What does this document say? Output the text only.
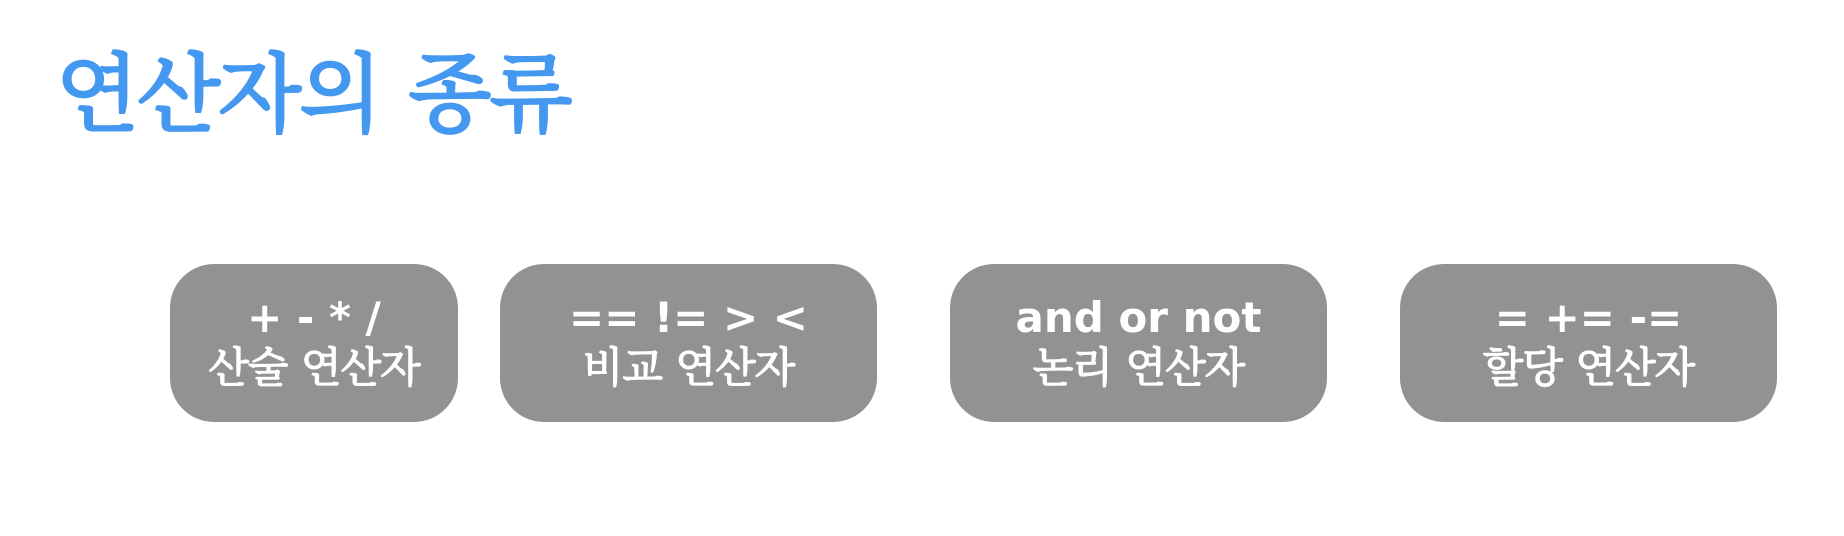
연산자의 종류
+ - * /
산술 연산자
== != > <
비교 연산자
and or not
논리 연산자
= += -=
할당 연산자
